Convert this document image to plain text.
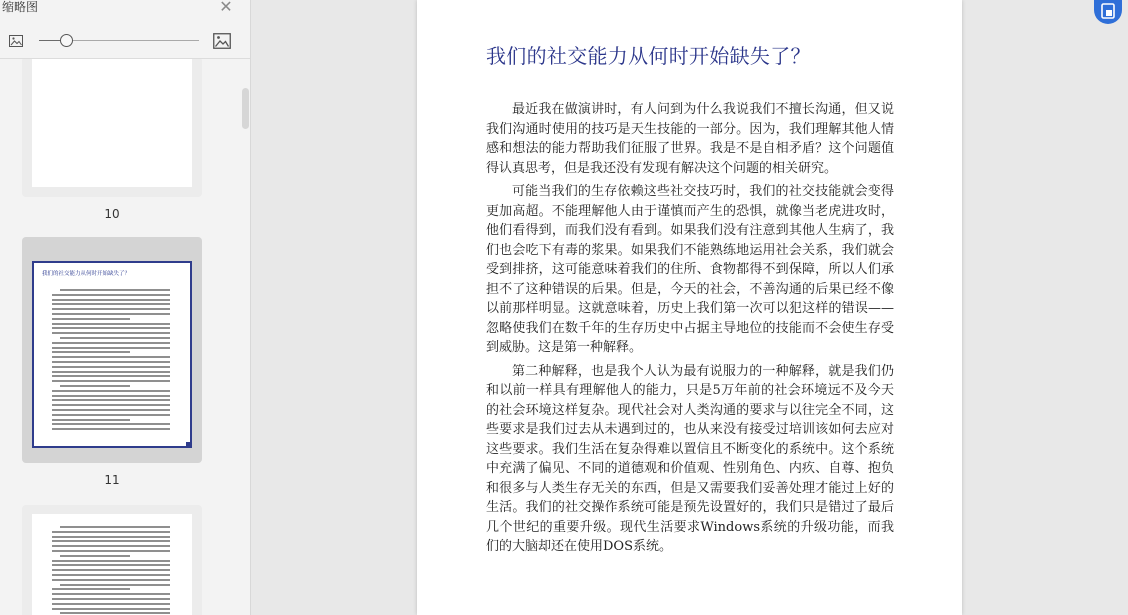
缩略图	✕
10
我们的社交能力从何时开始缺失了？
11
我们的社交能力从何时开始缺失了？

最近我在做演讲时，有人问到为什么我说我们不擅长沟通，但又说我们沟通时使用的技巧是天生技能的一部分。因为，我们理解其他人情感和想法的能力帮助我们征服了世界。我是不是自相矛盾？这个问题值得认真思考，但是我还没有发现有解决这个问题的相关研究。

可能当我们的生存依赖这些社交技巧时，我们的社交技能就会变得更加高超。不能理解他人由于谨慎而产生的恐惧，就像当老虎进攻时，他们看得到，而我们没有看到。如果我们没有注意到其他人生病了，我们也会吃下有毒的浆果。如果我们不能熟练地运用社会关系，我们就会受到排挤，这可能意味着我们的住所、食物都得不到保障，所以人们承担不了这种错误的后果。但是，今天的社会，不善沟通的后果已经不像以前那样明显。这就意味着，历史上我们第一次可以犯这样的错误——忽略使我们在数千年的生存历史中占据主导地位的技能而不会使生存受到威胁。这是第一种解释。

第二种解释，也是我个人认为最有说服力的一种解释，就是我们仍和以前一样具有理解他人的能力，只是5万年前的社会环境远不及今天的社会环境这样复杂。现代社会对人类沟通的要求与以往完全不同，这些要求是我们过去从未遇到过的，也从来没有接受过培训该如何去应对这些要求。我们生活在复杂得难以置信且不断变化的系统中。这个系统中充满了偏见、不同的道德观和价值观、性别角色、内疚、自尊、抱负和很多与人类生存无关的东西，但是又需要我们妥善处理才能过上好的生活。我们的社交操作系统可能是预先设置好的，我们只是错过了最后几个世纪的重要升级。现代生活要求Windows系统的升级功能，而我们的大脑却还在使用DOS系统。
